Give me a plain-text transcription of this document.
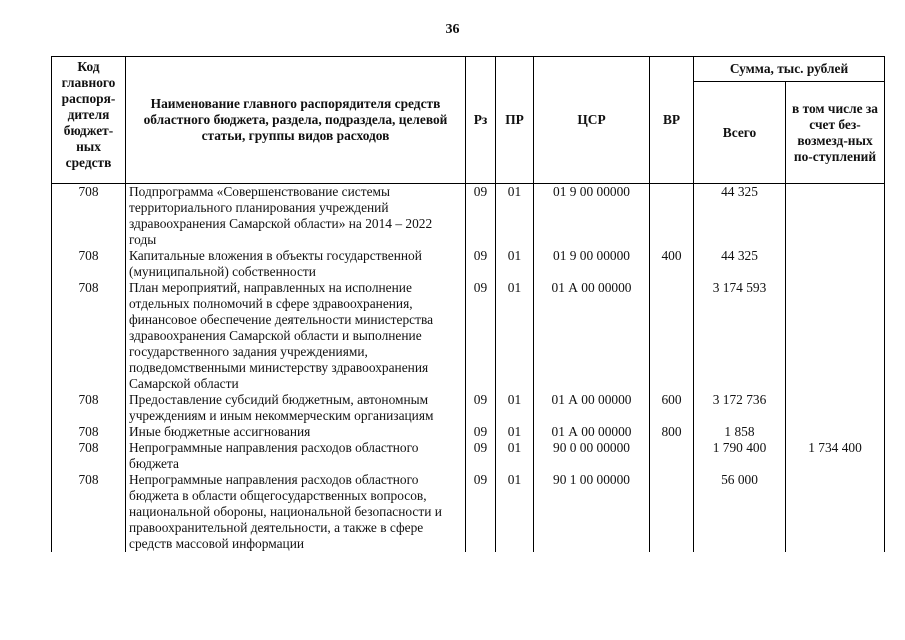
36
Код главного распоря-дителя бюджет-ных средств	Наименование главного распорядителя средств областного бюджета, раздела, подраздела, целевой статьи, группы видов расходов	Рз	ПР	ЦСР	ВР	Сумма, тыс. рублей	
						Всего	в том числе за счет без-возмезд-ных по-ступлений
708	Подпрограмма «Совершенствование системы территориального планирования учреждений здравоохранения Самарской области» на 2014 – 2022 годы	09	01	01 9 00 00000		44 325	
708	Капитальные вложения в объекты государственной (муниципальной) собственности	09	01	01 9 00 00000	400	44 325	
708	План мероприятий, направленных на исполнение отдельных полномочий в сфере здравоохранения, финансовое обеспечение деятельности министерства здравоохранения Самарской области и выполнение государственного задания учреждениями, подведомственными министерству здравоохранения Самарской области	09	01	01 А 00 00000		3 174 593	
708	Предоставление субсидий бюджетным, автономным учреждениям и иным некоммерческим организациям	09	01	01 А 00 00000	600	3 172 736	
708	Иные бюджетные ассигнования	09	01	01 А 00 00000	800	1 858	
708	Непрограммные направления расходов областного бюджета	09	01	90 0 00 00000		1 790 400	1 734 400
708	Непрограммные направления расходов областного бюджета в области общегосударственных вопросов, национальной обороны, национальной безопасности и правоохранительной деятельности, а также в сфере средств массовой информации	09	01	90 1 00 00000		56 000	
